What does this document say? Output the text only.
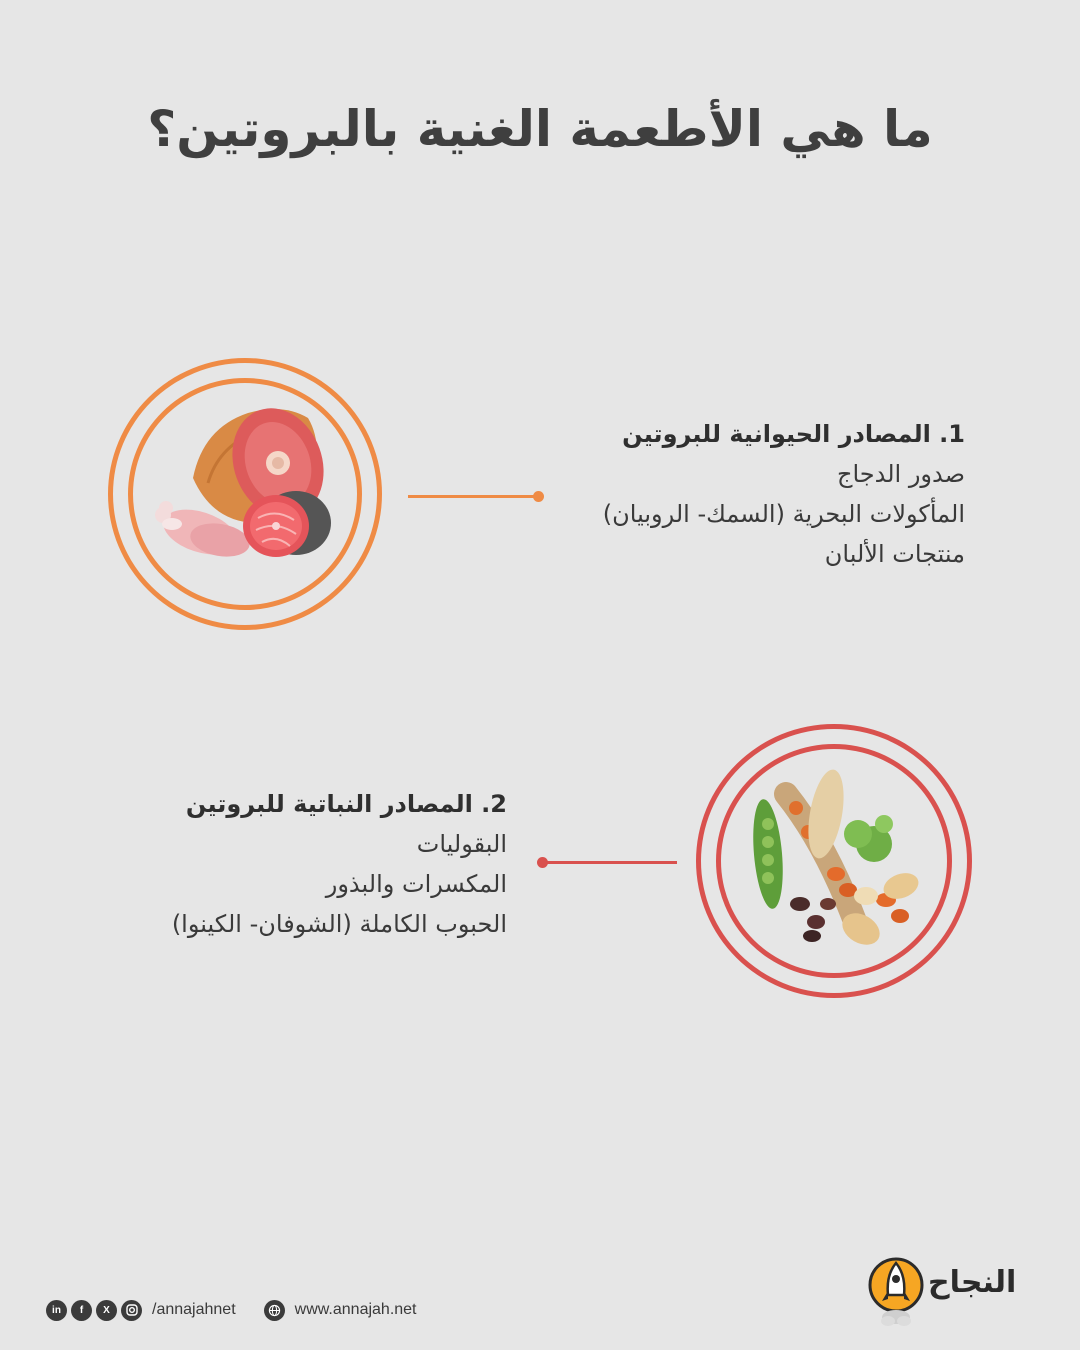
ما هي الأطعمة الغنية بالبروتين؟
1. المصادر الحيوانية للبروتين
صدور الدجاج
المأكولات البحرية (السمك- الروبيان)
منتجات الألبان
2. المصادر النباتية للبروتين
البقوليات
المكسرات والبذور
الحبوب الكاملة (الشوفان- الكينوا)
in	f	X	/annajahnet	www.annajah.net
النجاح
